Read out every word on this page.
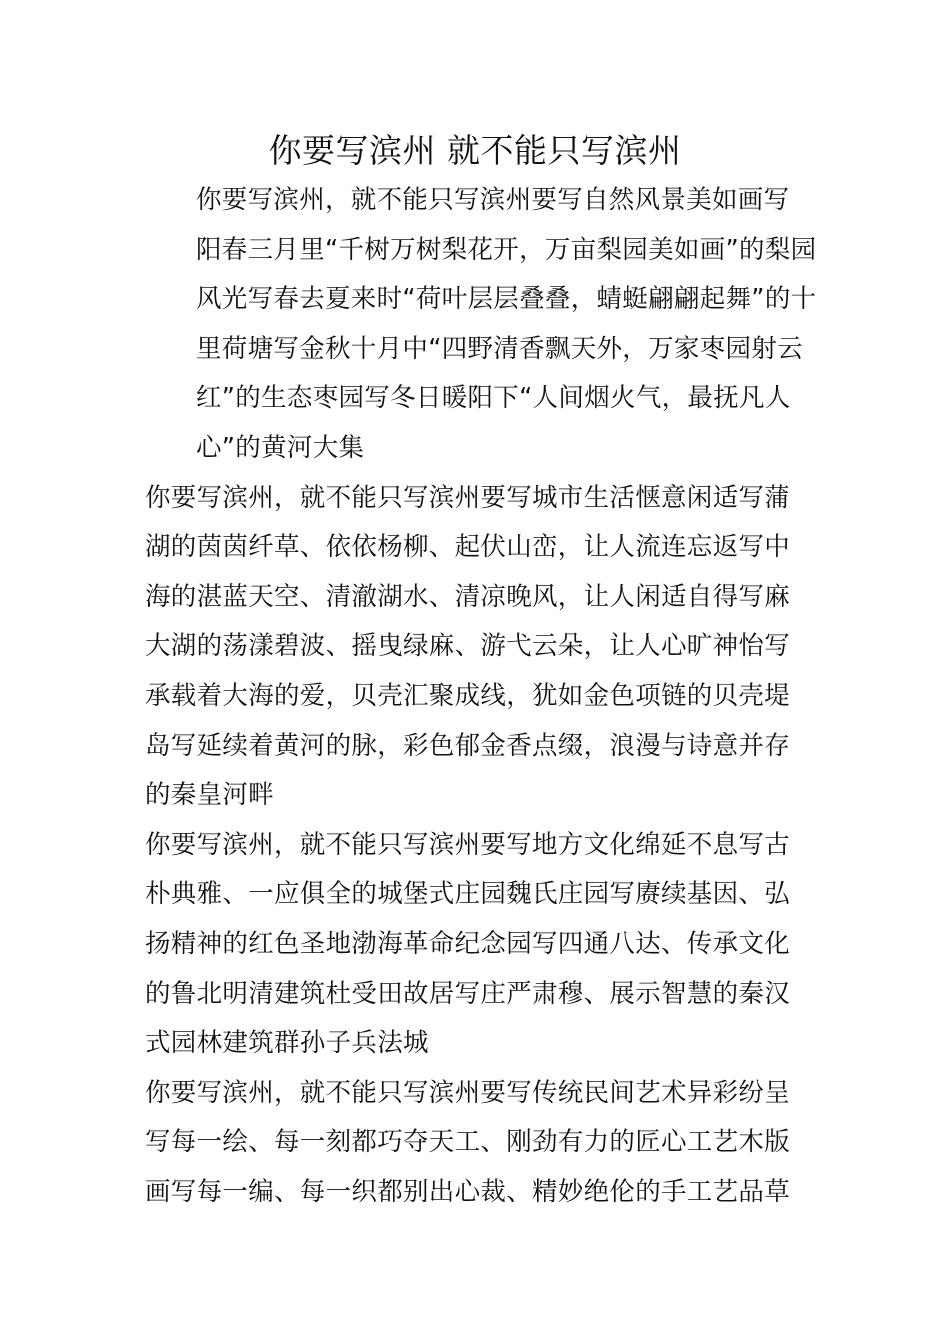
你要写滨州 就不能只写滨州

你要写滨州，就不能只写滨州要写自然风景美如画写
阳春三月里“千树万树梨花开，万亩梨园美如画”的梨园
风光写春去夏来时“荷叶层层叠叠，蜻蜓翩翩起舞”的十
里荷塘写金秋十月中“四野清香飘天外，万家枣园射云
红”的生态枣园写冬日暖阳下“人间烟火气，最抚凡人
心”的黄河大集

你要写滨州，就不能只写滨州要写城市生活惬意闲适写蒲
湖的茵茵纤草、依依杨柳、起伏山峦，让人流连忘返写中
海的湛蓝天空、清澈湖水、清凉晚风，让人闲适自得写麻
大湖的荡漾碧波、摇曳绿麻、游弋云朵，让人心旷神怡写
承载着大海的爱，贝壳汇聚成线，犹如金色项链的贝壳堤
岛写延续着黄河的脉，彩色郁金香点缀，浪漫与诗意并存
的秦皇河畔

你要写滨州，就不能只写滨州要写地方文化绵延不息写古
朴典雅、一应俱全的城堡式庄园魏氏庄园写赓续基因、弘
扬精神的红色圣地渤海革命纪念园写四通八达、传承文化
的鲁北明清建筑杜受田故居写庄严肃穆、展示智慧的秦汉
式园林建筑群孙子兵法城

你要写滨州，就不能只写滨州要写传统民间艺术异彩纷呈
写每一绘、每一刻都巧夺天工、刚劲有力的匠心工艺木版
画写每一编、每一织都别出心裁、精妙绝伦的手工艺品草
